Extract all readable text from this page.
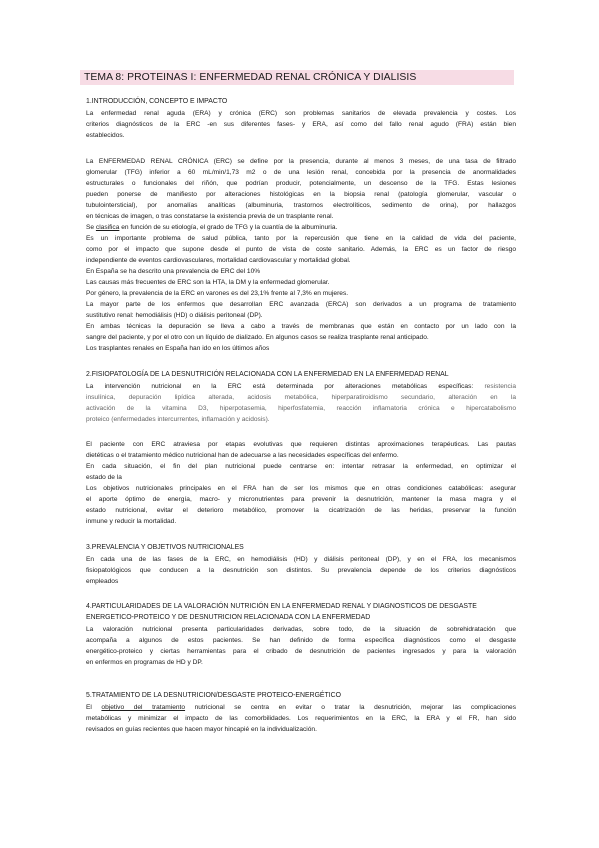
TEMA 8: PROTEINAS I: ENFERMEDAD RENAL CRÓNICA Y DIALISIS
1.INTRODUCCIÓN, CONCEPTO E IMPACTO
La enfermedad renal aguda (ERA) y crónica (ERC) son problemas sanitarios de elevada prevalencia y costes. Los
criterios diagnósticos de la ERC -en sus diferentes fases- y ERA, así como del fallo renal agudo (FRA) están bien
establecidos.
La ENFERMEDAD RENAL CRÓNICA (ERC) se define por la presencia, durante al menos 3 meses, de una tasa de filtrado
glomerular (TFG) inferior a 60 mL/min/1,73 m2 o de una lesión renal, concebida por la presencia de anormalidades
estructurales o funcionales del riñón, que podrían producir, potencialmente, un descenso de la TFG. Estas lesiones
pueden ponerse de manifiesto por alteraciones histológicas en la biopsia renal (patología glomerular, vascular o
tubulointersticial), por anomalías analíticas (albuminuria, trastornos electrolíticos, sedimento de orina), por hallazgos
en técnicas de imagen, o tras constatarse la existencia previa de un trasplante renal.
Se clasifica en función de su etiología, el grado de TFG y la cuantía de la albuminuria.
Es un importante problema de salud pública, tanto por la repercusión que tiene en la calidad de vida del paciente,
como por el impacto que supone desde el punto de vista de coste sanitario. Además, la ERC es un factor de riesgo
independiente de eventos cardiovasculares, mortalidad cardiovascular y mortalidad global.
En España se ha descrito una prevalencia de ERC del 10%
Las causas más frecuentes de ERC son la HTA, la DM y la enfermedad glomerular.
Por género, la prevalencia de la ERC en varones es del 23,1% frente al 7,3% en mujeres.
La mayor parte de los enfermos que desarrollan ERC avanzada (ERCA) son derivados a un programa de tratamiento
sustitutivo renal: hemodiálisis (HD) o diálisis peritoneal (DP).
En ambas técnicas la depuración se lleva a cabo a través de membranas que están en contacto por un lado con la
sangre del paciente, y por el otro con un líquido de dializado. En algunos casos se realiza trasplante renal anticipado.
Los trasplantes renales en España han ido en los últimos años
2.FISIOPATOLOGÍA DE LA DESNUTRICIÓN RELACIONADA CON LA ENFERMEDAD EN LA ENFERMEDAD RENAL
La intervención nutricional en la ERC está determinada por alteraciones metabólicas específicas: resistencia
insulínica, depuración lipídica alterada, acidosis metabólica, hiperparatiroidismo secundario, alteración en la
activación de la vitamina D3, hiperpotasemia, hiperfosfatemia, reacción inflamatoria crónica e hipercatabolismo
proteico (enfermedades intercurrentes, inflamación y acidosis).
El paciente con ERC atraviesa por etapas evolutivas que requieren distintas aproximaciones terapéuticas. Las pautas
dietéticas o el tratamiento médico nutricional han de adecuarse a las necesidades específicas del enfermo.
En cada situación, el fin del plan nutricional puede centrarse en: intentar retrasar la enfermedad, en optimizar el
estado de la
Los objetivos nutricionales principales en el FRA han de ser los mismos que en otras condiciones catabólicas: asegurar
el aporte óptimo de energía, macro- y micronutrientes para prevenir la desnutrición, mantener la masa magra y el
estado nutricional, evitar el deterioro metabólico, promover la cicatrización de las heridas, preservar la función
inmune y reducir la mortalidad.
3.PREVALENCIA Y OBJETIVOS NUTRICIONALES
En cada una de las fases de la ERC, en hemodiálisis (HD) y diálisis peritoneal (DP), y en el FRA, los mecanismos
fisiopatológicos que conducen a la desnutrición son distintos. Su prevalencia depende de los criterios diagnósticos
empleados
4.PARTICULARIDADES DE LA VALORACIÓN NUTRICIÓN EN LA ENFERMEDAD RENAL Y DIAGNOSTICOS DE DESGASTE
ENERGETICO-PROTEICO Y DE DESNUTRICION RELACIONADA CON LA ENFERMEDAD
La valoración nutricional presenta particularidades derivadas, sobre todo, de la situación de sobrehidratación que
acompaña a algunos de estos pacientes. Se han definido de forma específica diagnósticos como el desgaste
energético-proteico y ciertas herramientas para el cribado de desnutrición de pacientes ingresados y para la valoración
en enfermos en programas de HD y DP.
5.TRATAMIENTO DE LA DESNUTRICION/DESGASTE PROTEICO-ENERGÉTICO
El objetivo del tratamiento nutricional se centra en evitar o tratar la desnutrición, mejorar las complicaciones
metabólicas y minimizar el impacto de las comorbilidades. Los requerimientos en la ERC, la ERA y el FR, han sido
revisados en guías recientes que hacen mayor hincapié en la individualización.
